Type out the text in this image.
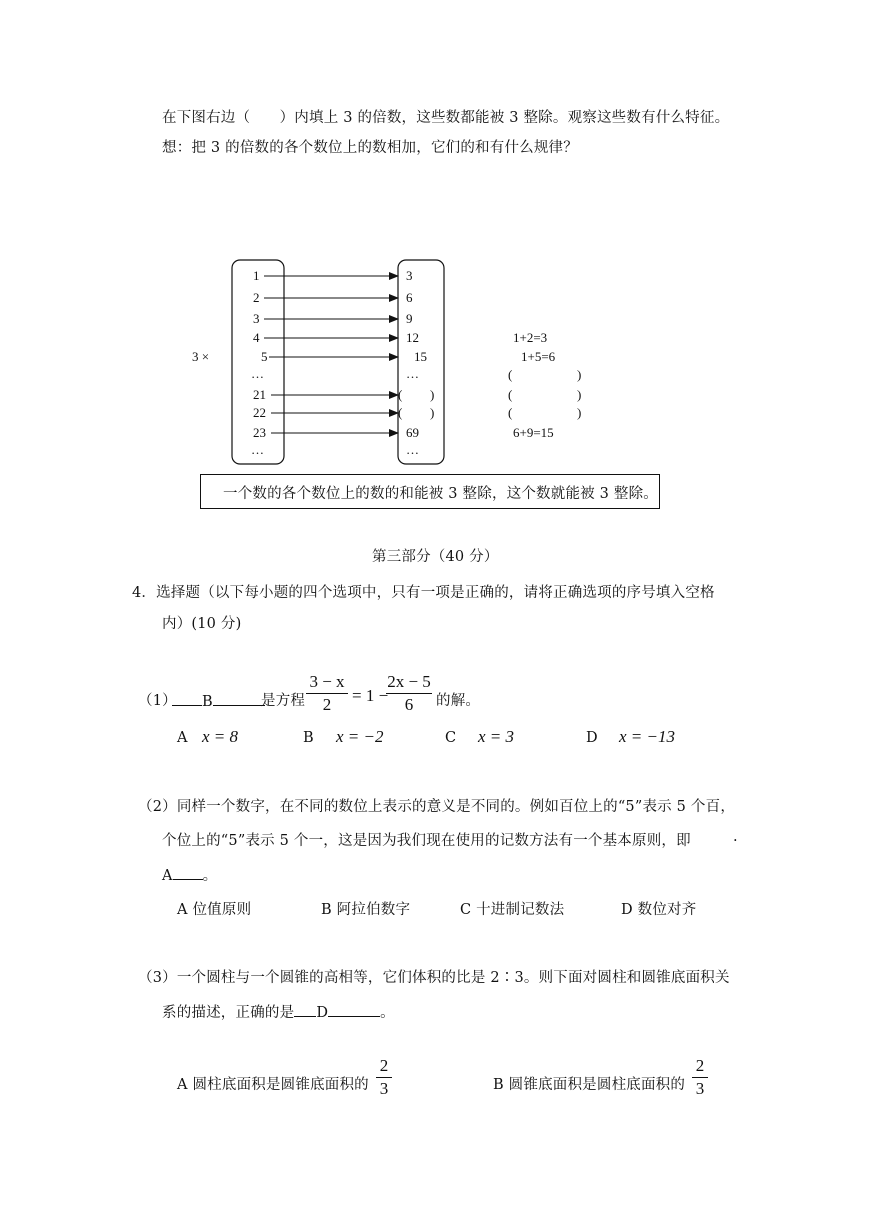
在下图右边（　　）内填上 3 的倍数，这些数都能被 3 整除。观察这些数有什么特征。
想：把 3 的倍数的各个数位上的数相加，它们的和有什么规律？
3 ×
1
2
3
4
5
…
21
22
23
…
3
6
9
12
15
…
(
(
69
…
)
)
1+2=3
1+5=6
(	)
(	)
(	)
6+9=15
一个数的各个数位上的数的和能被 3 整除，这个数就能被 3 整除。
第三部分（40 分）
4．选择题（以下每小题的四个选项中，只有一项是正确的，请将正确选项的序号填入空格
内）(10 分)
（1）	B	是方程
3 − x
2	= 1 −
2x − 5
6	的解。
A x = 8	B x = −2	C x = 3	D x = −13
（2）同样一个数字，在不同的数位上表示的意义是不同的。例如百位上的“5”表示 5 个百，
个位上的“5”表示 5 个一，这是因为我们现在使用的记数方法有一个基本原则，即	.
A 。
A 位值原则	B 阿拉伯数字	C 十进制记数法	D 数位对齐
（3）一个圆柱与一个圆锥的高相等，它们体积的比是 2∶3。则下面对圆柱和圆锥底面积关
系的描述，正确的是 D	。
A 圆柱底面积是圆锥底面积的
2
3	B 圆锥底面积是圆柱底面积的
2
3
